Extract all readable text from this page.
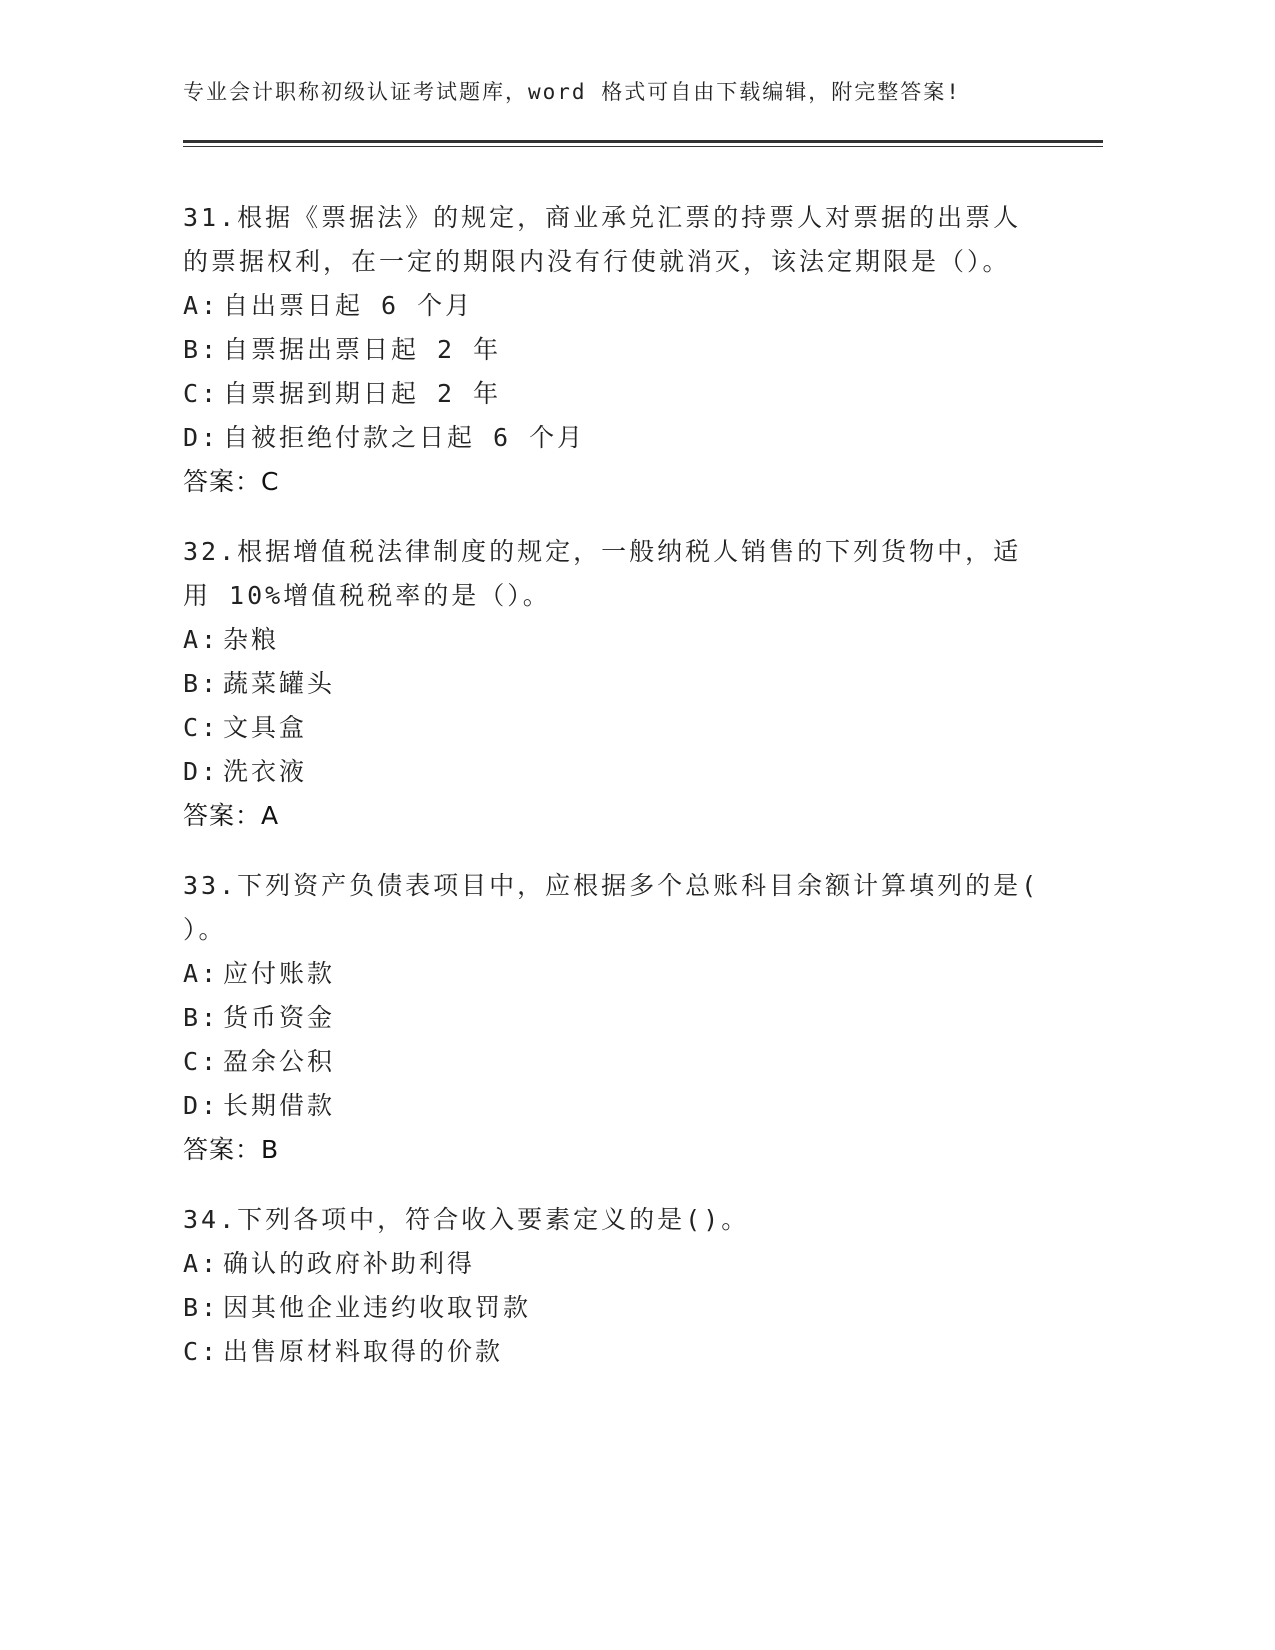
专业会计职称初级认证考试题库，word 格式可自由下载编辑，附完整答案!

31.根据《票据法》的规定，商业承兑汇票的持票人对票据的出票人的票据权利，在一定的期限内没有行使就消灭，该法定期限是（）。

A: 自出票日起 6 个月
B: 自票据出票日起 2 年
C: 自票据到期日起 2 年
D: 自被拒绝付款之日起 6 个月
答案：C

32.根据增值税法律制度的规定，一般纳税人销售的下列货物中，适用 10%增值税税率的是（）。

A: 杂粮
B: 蔬菜罐头
C: 文具盒
D: 洗衣液
答案：A

33.下列资产负债表项目中，应根据多个总账科目余额计算填列的是( ）。

A: 应付账款
B: 货币资金
C: 盈余公积
D: 长期借款
答案：B

34.下列各项中，符合收入要素定义的是()。

A: 确认的政府补助利得
B: 因其他企业违约收取罚款
C: 出售原材料取得的价款
